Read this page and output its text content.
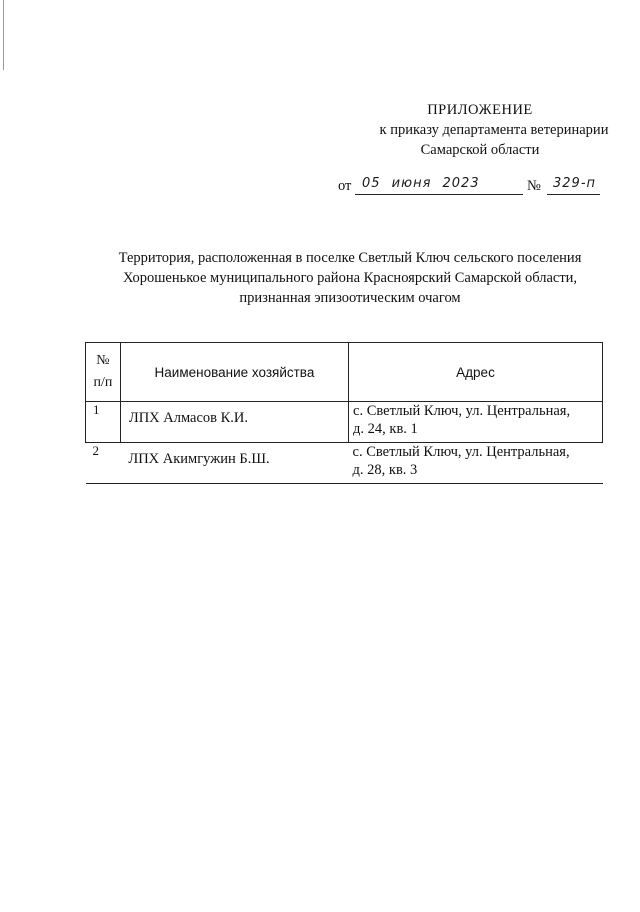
ПРИЛОЖЕНИЕ
к приказу департамента ветеринарии
Самарской области
от 05 июня 2023	№ 329-п
Территория, расположенная в поселке Светлый Ключ сельского поселения
Хорошенькое муниципального района Красноярский Самарской области,
признанная эпизоотическим очагом
№
п/п	Наименование хозяйства	Адрес
1	ЛПХ Алмасов К.И.	с. Светлый Ключ, ул. Центральная,
д. 24, кв. 1

2	ЛПХ Акимгужин Б.Ш.	с. Светлый Ключ, ул. Центральная,
д. 28, кв. 3
